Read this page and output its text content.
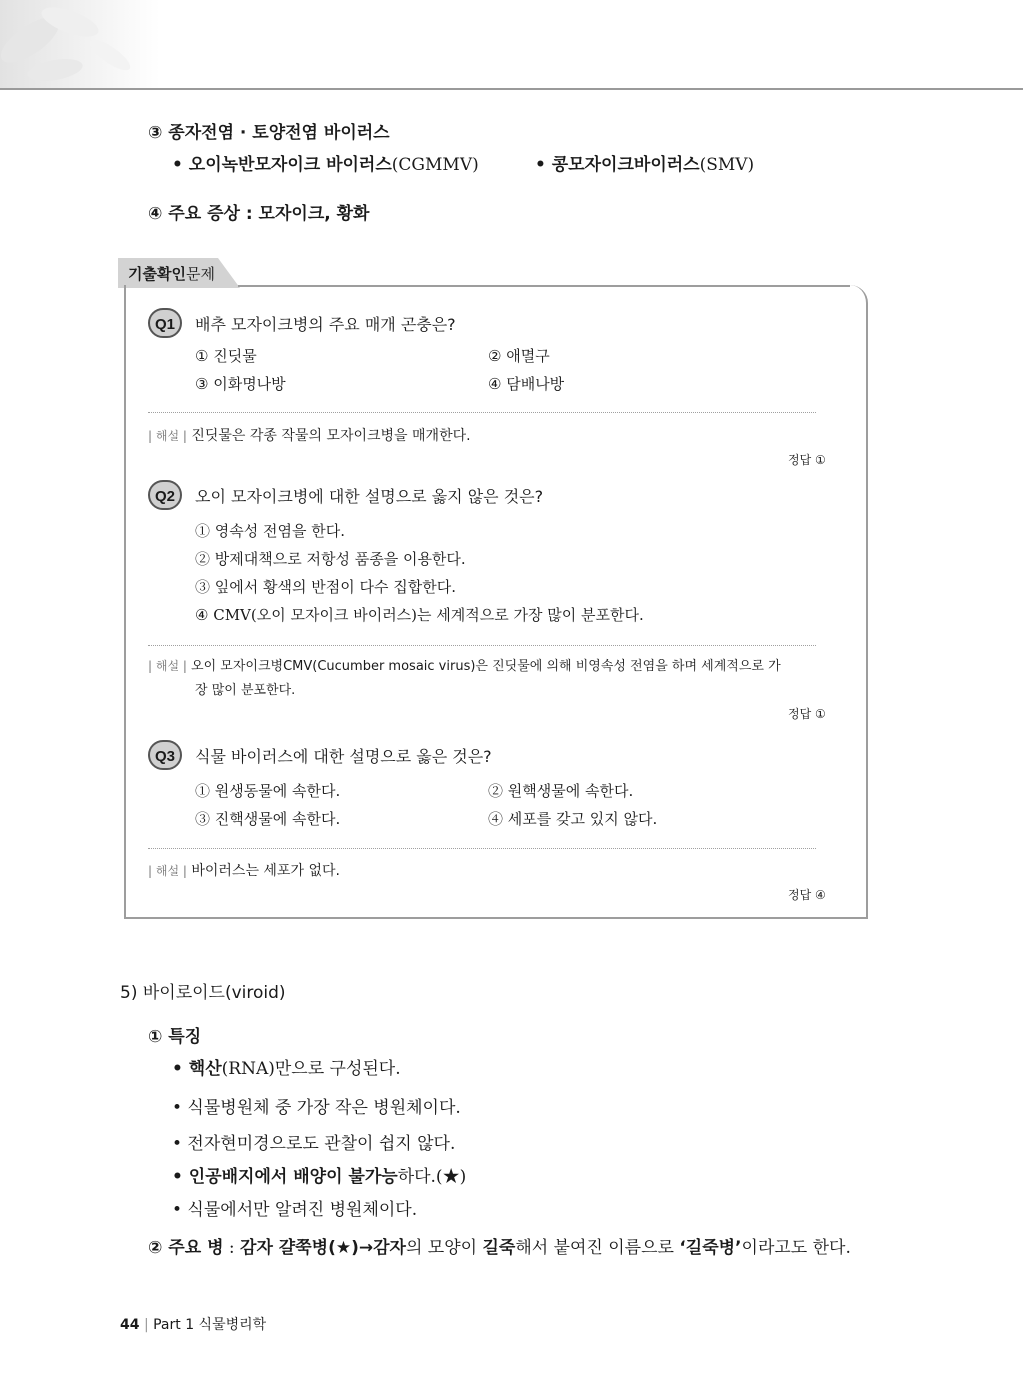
③ 종자전염 · 토양전염 바이러스
• 오이녹반모자이크 바이러스(CGMMV)	• 콩모자이크바이러스(SMV)
④ 주요 증상 : 모자이크, 황화
기출확인문제
Q1	배추 모자이크병의 주요 매개 곤충은?
① 진딧물	② 애멸구
③ 이화명나방	④ 담배나방
| 해설 | 진딧물은 각종 작물의 모자이크병을 매개한다.
정답 ①
Q2	오이 모자이크병에 대한 설명으로 옳지 않은 것은?
① 영속성 전염을 한다.
② 방제대책으로 저항성 품종을 이용한다.
③ 잎에서 황색의 반점이 다수 집합한다.
④ CMV(오이 모자이크 바이러스)는 세계적으로 가장 많이 분포한다.
| 해설 | 오이 모자이크병CMV(Cucumber mosaic virus)은 진딧물에 의해 비영속성 전염을 하며 세계적으로 가
장 많이 분포한다.
정답 ①
Q3	식물 바이러스에 대한 설명으로 옳은 것은?
① 원생동물에 속한다.	② 원핵생물에 속한다.
③ 진핵생물에 속한다.	④ 세포를 갖고 있지 않다.
| 해설 | 바이러스는 세포가 없다.
정답 ④
5) 바이로이드(viroid)
① 특징
• 핵산(RNA)만으로 구성된다.
• 식물병원체 중 가장 작은 병원체이다.
• 전자현미경으로도 관찰이 쉽지 않다.
• 인공배지에서 배양이 불가능하다.(★)
• 식물에서만 알려진 병원체이다.
② 주요 병 : 감자 걀쭉병(★)→감자의 모양이 길죽해서 붙여진 이름으로 ‘길죽병’이라고도 한다.
44 | Part 1 식물병리학
